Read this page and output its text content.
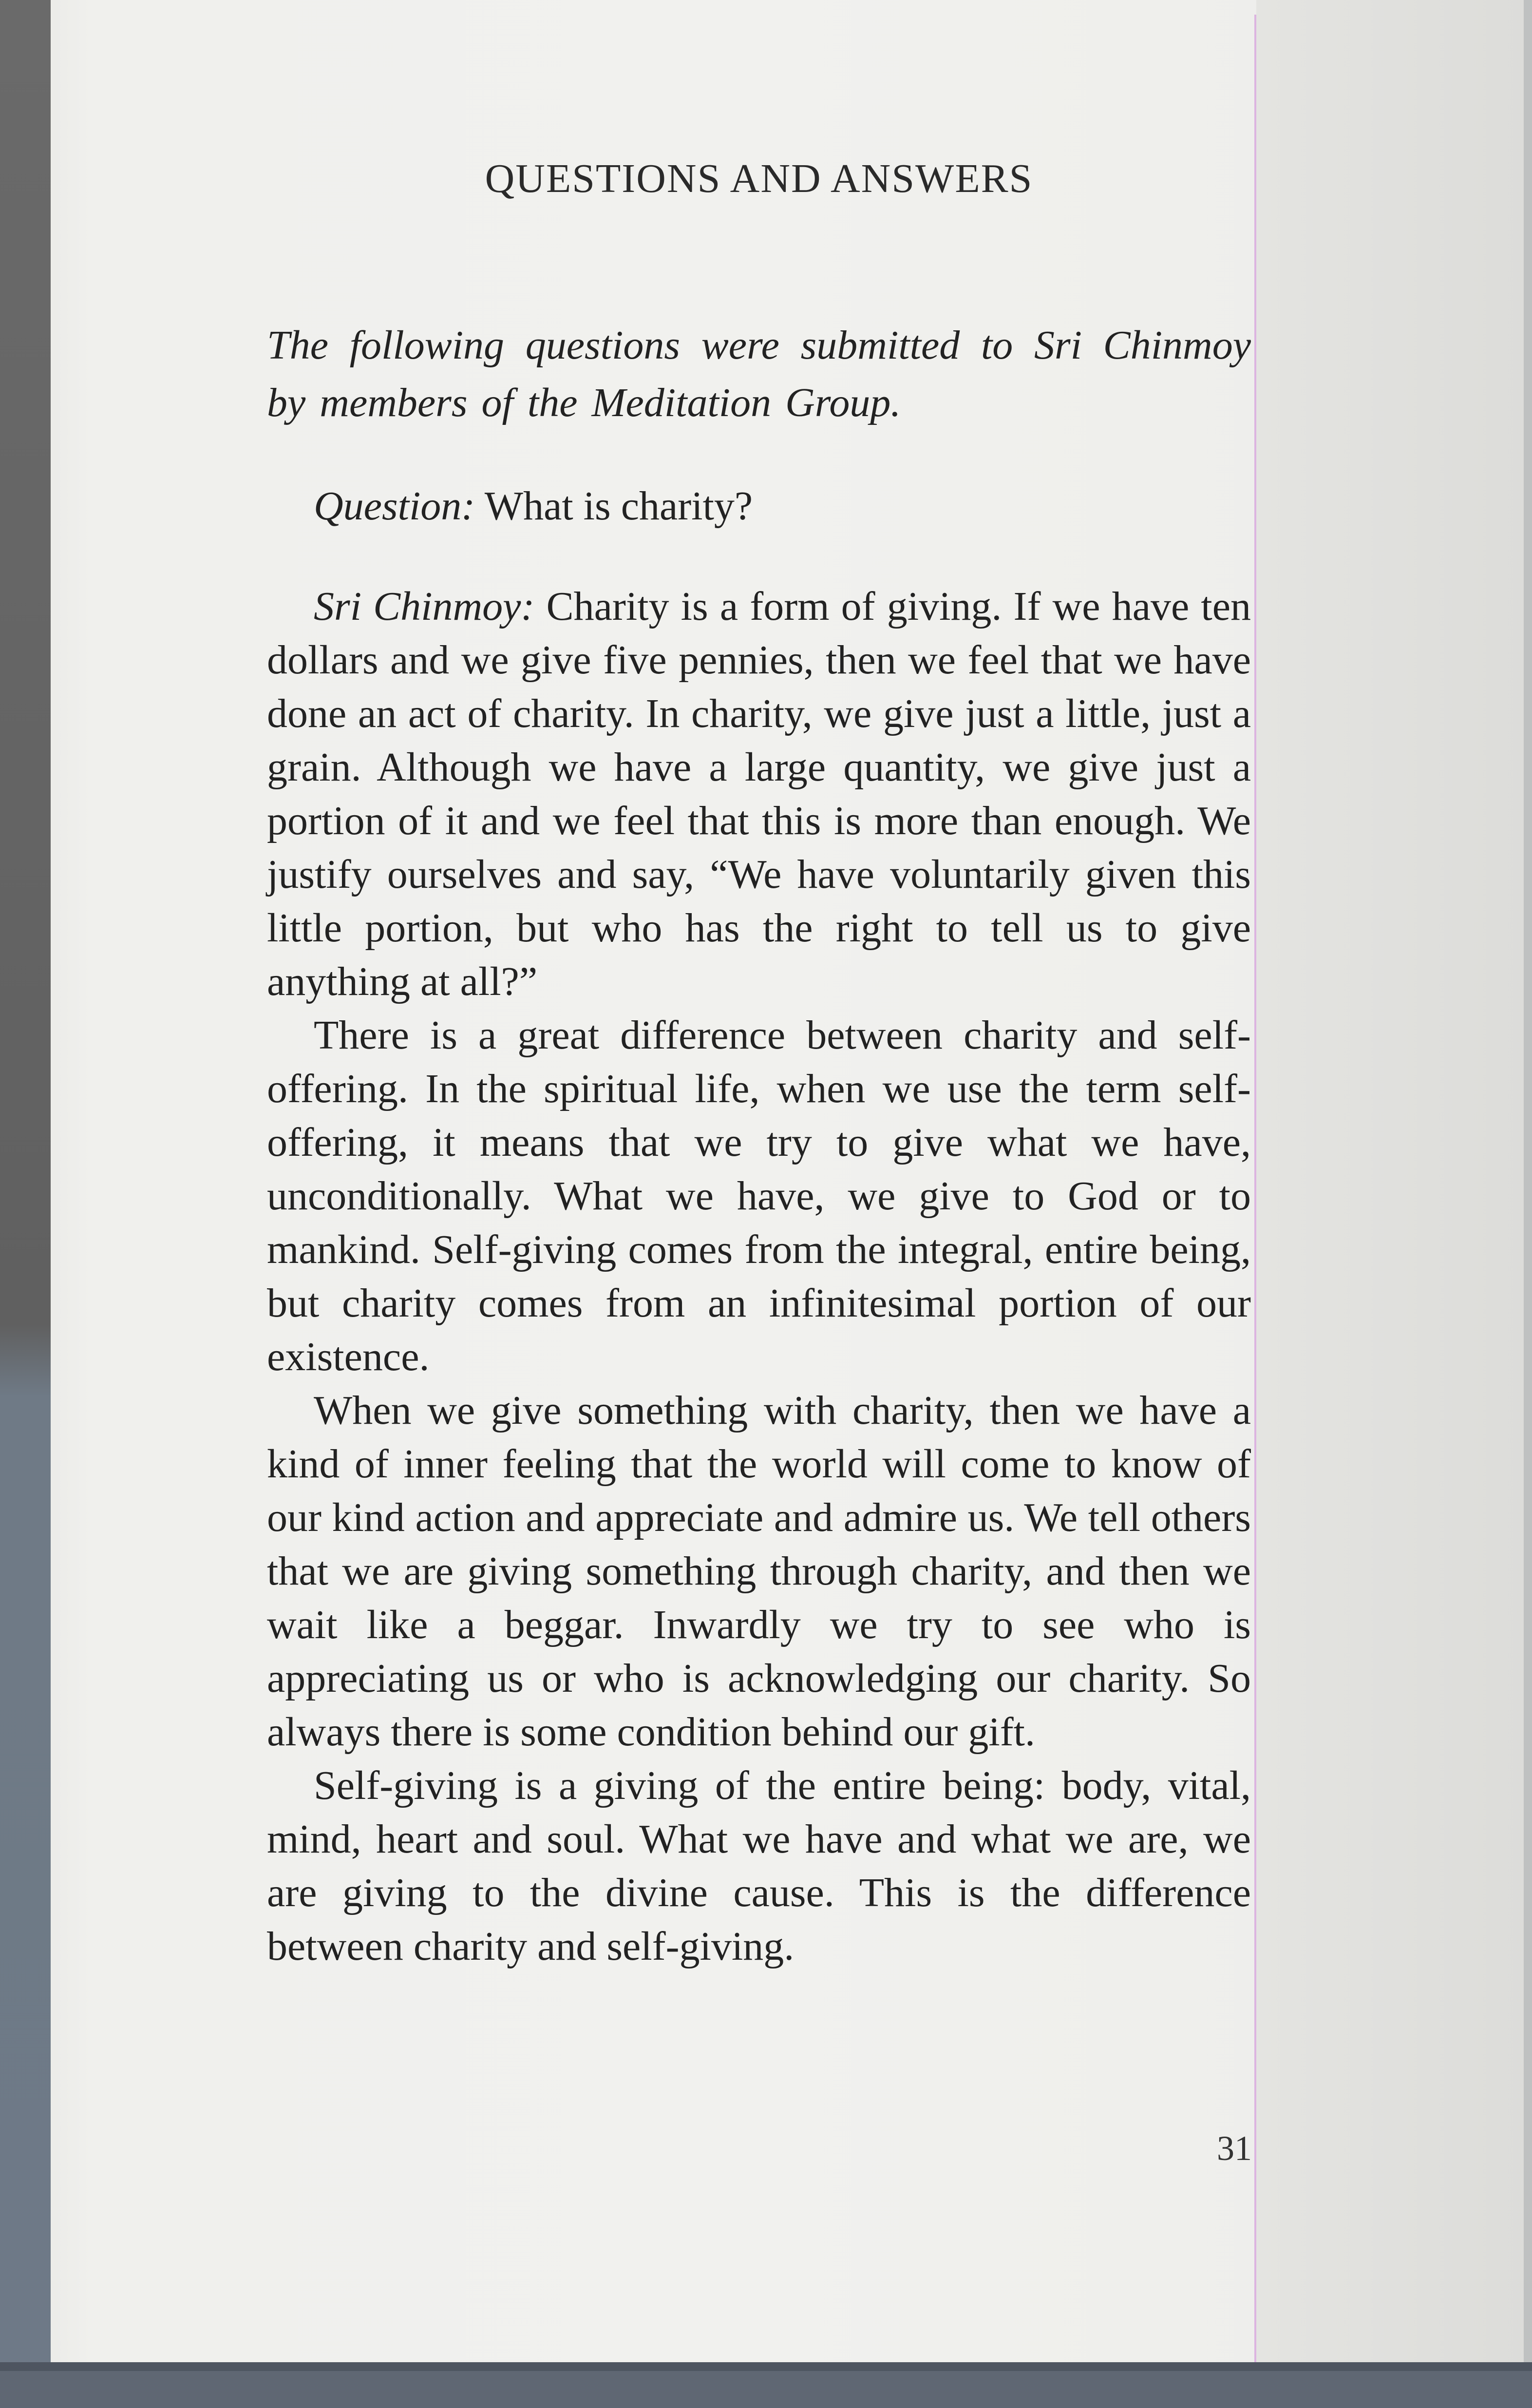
QUESTIONS AND ANSWERS
The following questions were submitted to Sri Chinmoy by members of the Meditation Group.
Question: What is charity?

Sri Chinmoy: Charity is a form of giving. If we have ten dollars and we give five pennies, then we feel that we have done an act of charity. In charity, we give just a little, just a grain. Although we have a large quantity, we give just a portion of it and we feel that this is more than enough. We justify ourselves and say, “We have voluntarily given this little portion, but who has the right to tell us to give anything at all?”

There is a great difference between charity and self-offering. In the spiritual life, when we use the term self-offering, it means that we try to give what we have, unconditionally. What we have, we give to God or to mankind. Self-giving comes from the integral, entire being, but charity comes from an infinitesimal portion of our existence.

When we give something with charity, then we have a kind of inner feeling that the world will come to know of our kind action and appreciate and admire us. We tell others that we are giving something through charity, and then we wait like a beggar. Inwardly we try to see who is appreciating us or who is acknowledging our charity. So always there is some condition behind our gift.

Self-giving is a giving of the entire being: body, vital, mind, heart and soul. What we have and what we are, we are giving to the divine cause. This is the difference between charity and self-giving.

31
